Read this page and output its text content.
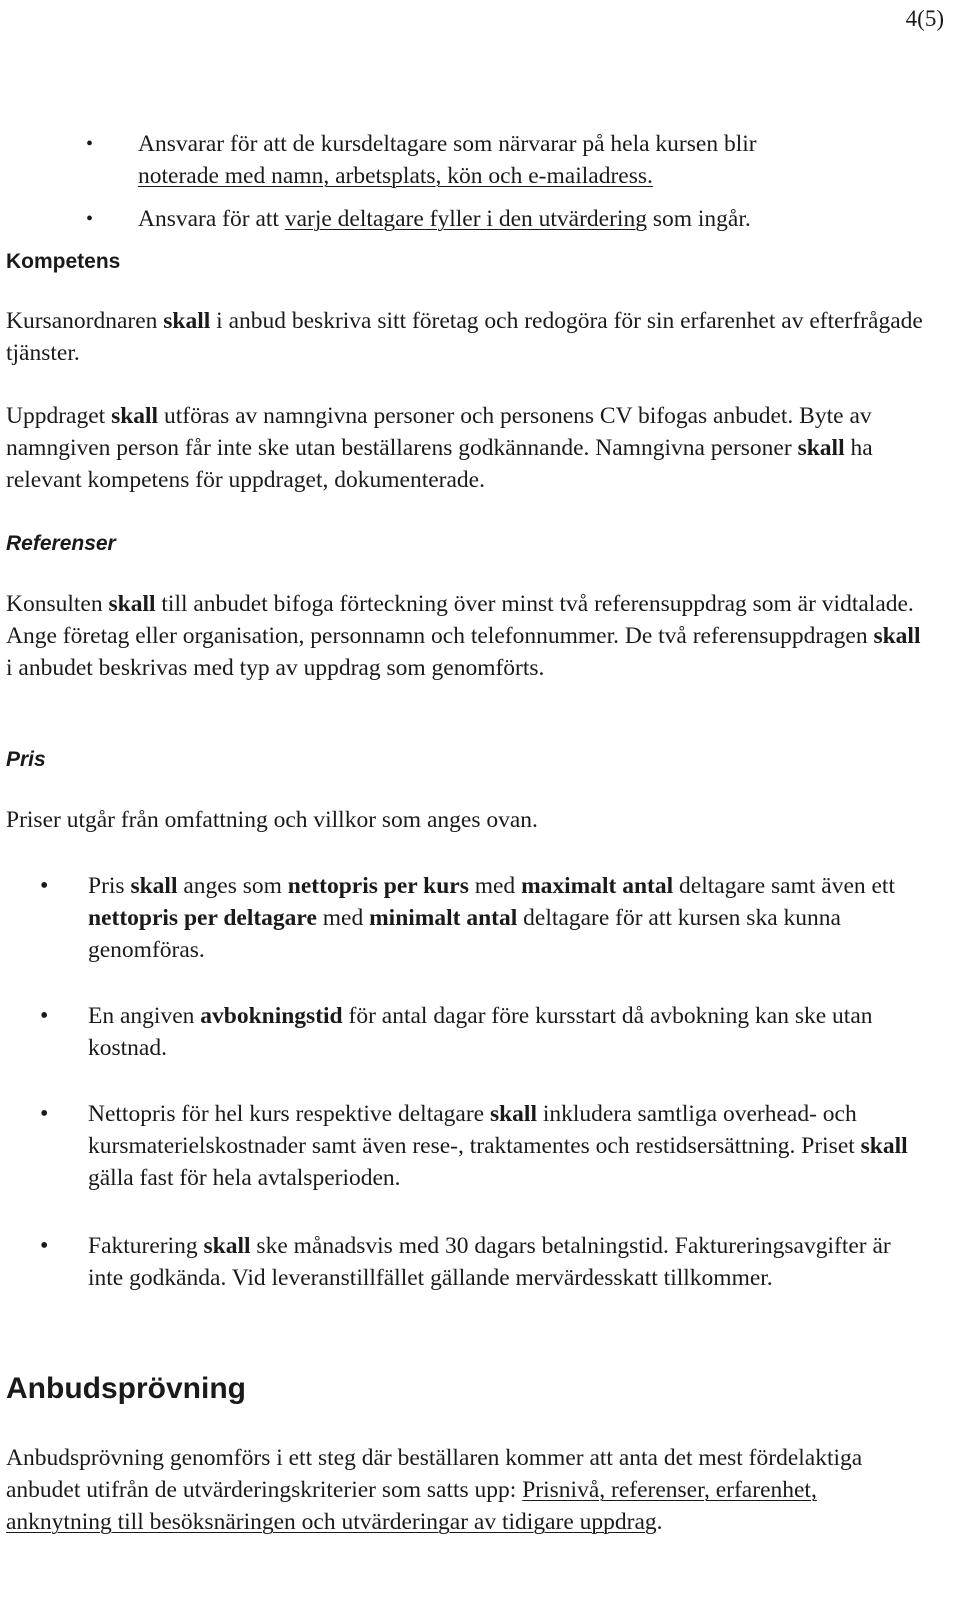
4(5)
• Ansvarar för att de kursdeltagare som närvarar på hela kursen blir
noterade med namn, arbetsplats, kön och e-mailadress.
• Ansvara för att varje deltagare fyller i den utvärdering som ingår.
Kompetens

Kursanordnaren skall i anbud beskriva sitt företag och redogöra för sin erfarenhet av efterfrågade tjänster.

Uppdraget skall utföras av namngivna personer och personens CV bifogas anbudet. Byte av namngiven person får inte ske utan beställarens godkännande. Namngivna personer skall ha relevant kompetens för uppdraget, dokumenterade.

Referenser

Konsulten skall till anbudet bifoga förteckning över minst två referensuppdrag som är vidtalade. Ange företag eller organisation, personnamn och telefonnummer. De två referensuppdragen skall i anbudet beskrivas med typ av uppdrag som genomförts.

Pris

Priser utgår från omfattning och villkor som anges ovan.

• Pris skall anges som nettopris per kurs med maximalt antal deltagare samt även ett nettopris per deltagare med minimalt antal deltagare för att kursen ska kunna genomföras.

• En angiven avbokningstid för antal dagar före kursstart då avbokning kan ske utan kostnad.

• Nettopris för hel kurs respektive deltagare skall inkludera samtliga overhead- och kursmaterielskostnader samt även rese-, traktamentes och restidsersättning. Priset skall gälla fast för hela avtalsperioden.

• Fakturering skall ske månadsvis med 30 dagars betalningstid. Faktureringsavgifter är inte godkända. Vid leveranstillfället gällande mervärdesskatt tillkommer.

Anbudsprövning

Anbudsprövning genomförs i ett steg där beställaren kommer att anta det mest fördelaktiga anbudet utifrån de utvärderingskriterier som satts upp: Prisnivå, referenser, erfarenhet, anknytning till besöksnäringen och utvärderingar av tidigare uppdrag.
